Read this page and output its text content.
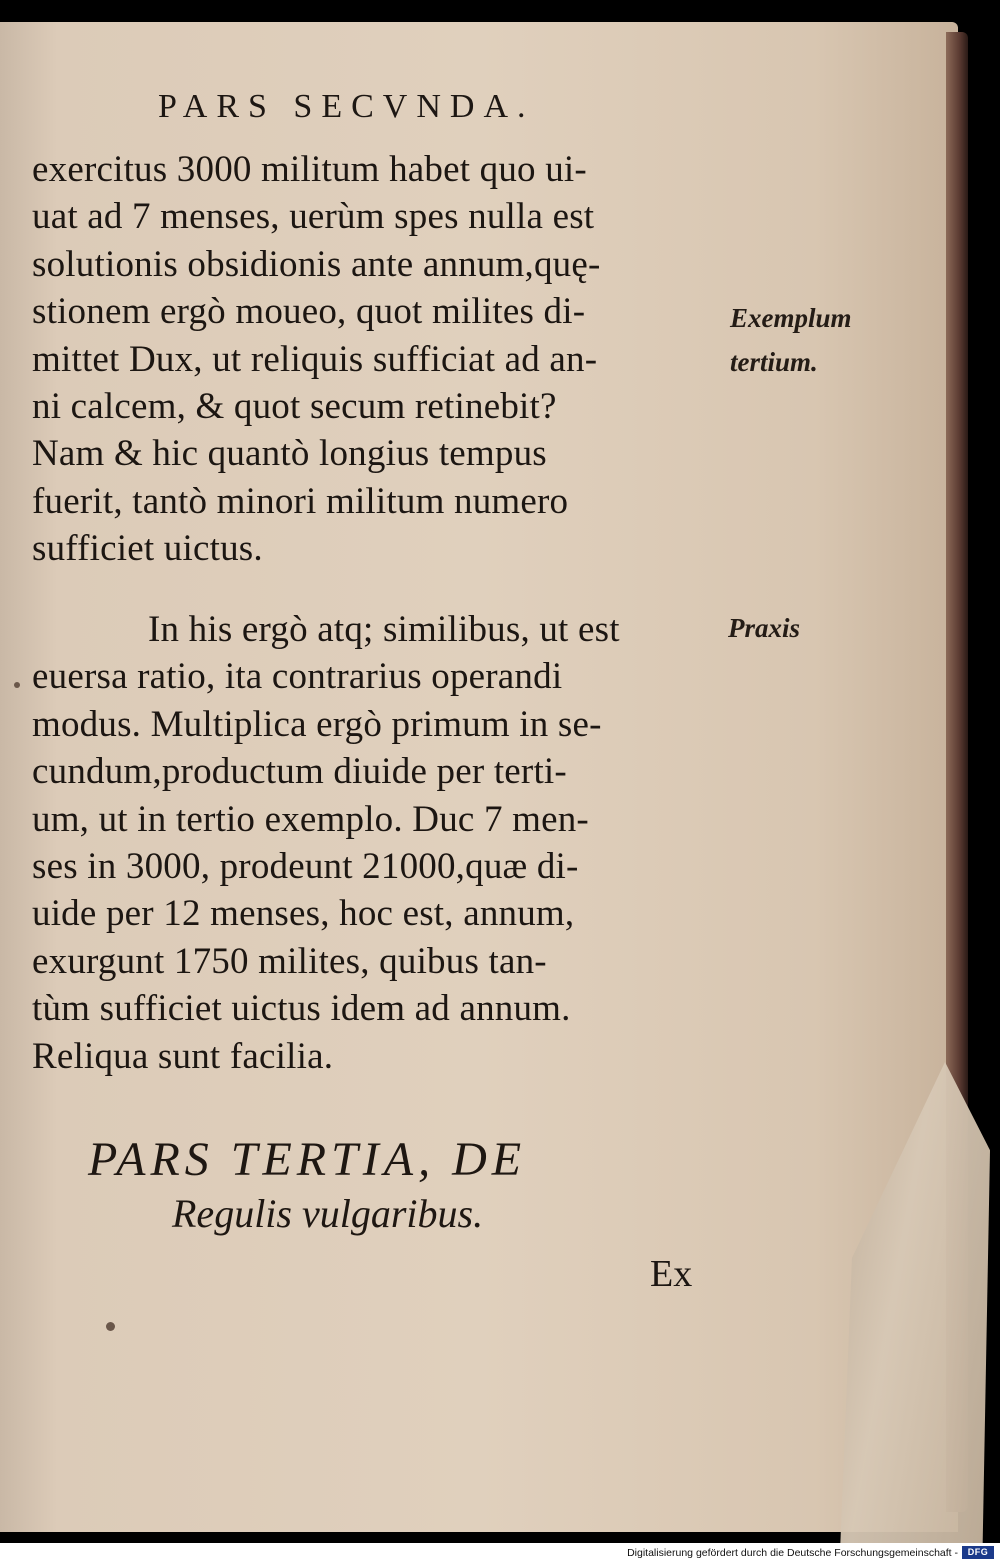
PARS SECVNDA.
exercitus 3000 militum habet quo ui-
uat ad 7 menses, uerùm spes nulla est
solutionis obsidionis ante annum,quę-
stionem ergò moueo, quot milites di-
mittet Dux, ut reliquis sufficiat ad an-
ni calcem, & quot secum retinebit?
Nam & hic quantò longius tempus
fuerit, tantò minori militum numero
sufficiet uictus.
Exemplum
tertium.
In his ergò atq; similibus, ut est
euersa ratio, ita contrarius operandi
modus. Multiplica ergò primum in se-
cundum,productum diuide per terti-
um, ut in tertio exemplo. Duc 7 men-
ses in 3000, prodeunt 21000,quæ di-
uide per 12 menses, hoc est, annum,
exurgunt 1750 milites, quibus tan-
tùm sufficiet uictus idem ad annum.
Reliqua sunt facilia.
Praxis
PARS TERTIA, DE
Regulis vulgaribus.
Ex
Digitalisierung gefördert durch die Deutsche Forschungsgemeinschaft -	DFG
